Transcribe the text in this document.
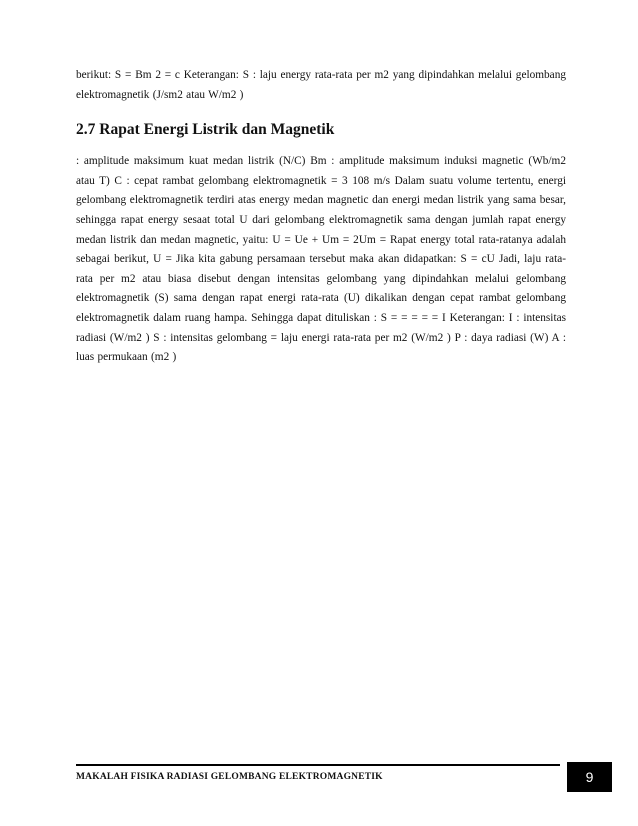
berikut: S = Bm 2 = c Keterangan: S : laju energy rata-rata per m2 yang dipindahkan melalui gelombang elektromagnetik (J/sm2 atau W/m2 )

2.7 Rapat Energi Listrik dan Magnetik

: amplitude maksimum kuat medan listrik (N/C) Bm : amplitude maksimum induksi magnetic (Wb/m2 atau T) C : cepat rambat gelombang elektromagnetik = 3 108 m/s Dalam suatu volume tertentu, energi gelombang elektromagnetik terdiri atas energy medan magnetic dan energi medan listrik yang sama besar, sehingga rapat energy sesaat total U dari gelombang elektromagnetik sama dengan jumlah rapat energy medan listrik dan medan magnetic, yaitu: U = Ue + Um = 2Um = Rapat energy total rata-ratanya adalah sebagai berikut, U = Jika kita gabung persamaan tersebut maka akan didapatkan: S = cU Jadi, laju rata-rata per m2 atau biasa disebut dengan intensitas gelombang yang dipindahkan melalui gelombang elektromagnetik (S) sama dengan rapat energi rata-rata (U) dikalikan dengan cepat rambat gelombang elektromagnetik dalam ruang hampa. Sehingga dapat dituliskan : S = = = = = I Keterangan: I : intensitas radiasi (W/m2 ) S : intensitas gelombang = laju energi rata-rata per m2 (W/m2 ) P : daya radiasi (W) A : luas permukaan (m2 )

MAKALAH FISIKA RADIASI GELOMBANG ELEKTROMAGNETIK	9
